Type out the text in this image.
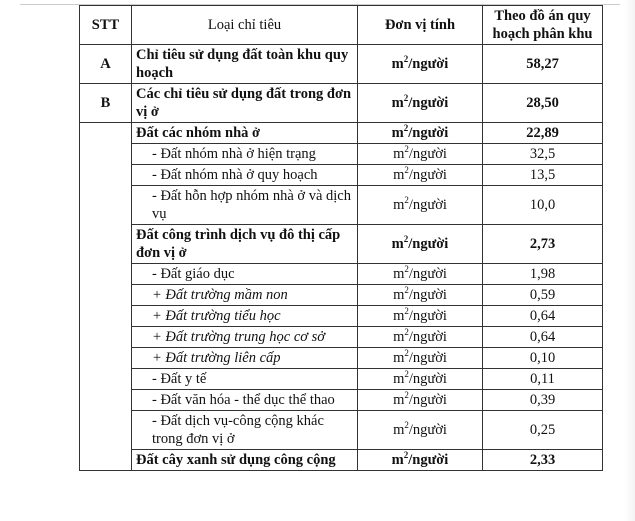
STT	Loại chỉ tiêu	Đơn vị tính	Theo đồ án quy hoạch phân khu
A	Chỉ tiêu sử dụng đất toàn khu quy hoạch	$m^2$/người	58,27
B	Các chỉ tiêu sử dụng đất trong đơn vị ở	$m^2$/người	28,50
	Đất các nhóm nhà ở	$m^2$/người	22,89
	- Đất nhóm nhà ở hiện trạng	$m^2$/người	32,5
	- Đất nhóm nhà ở quy hoạch	$m^2$/người	13,5
	- Đất hỗn hợp nhóm nhà ở và dịch vụ	$m^2$/người	10,0
	Đất công trình dịch vụ đô thị cấp đơn vị ở	$m^2$/người	2,73
	- Đất giáo dục	$m^2$/người	1,98
	+ Đất trường mầm non	$m^2$/người	0,59
	+ Đất trường tiểu học	$m^2$/người	0,64
	+ Đất trường trung học cơ sở	$m^2$/người	0,64
	+ Đất trường liên cấp	$m^2$/người	0,10
	- Đất y tế	$m^2$/người	0,11
	- Đất văn hóa - thể dục thể thao	$m^2$/người	0,39
	- Đất dịch vụ-công cộng khác trong đơn vị ở	$m^2$/người	0,25
	Đất cây xanh sử dụng công cộng	$m^2$/người	2,33
